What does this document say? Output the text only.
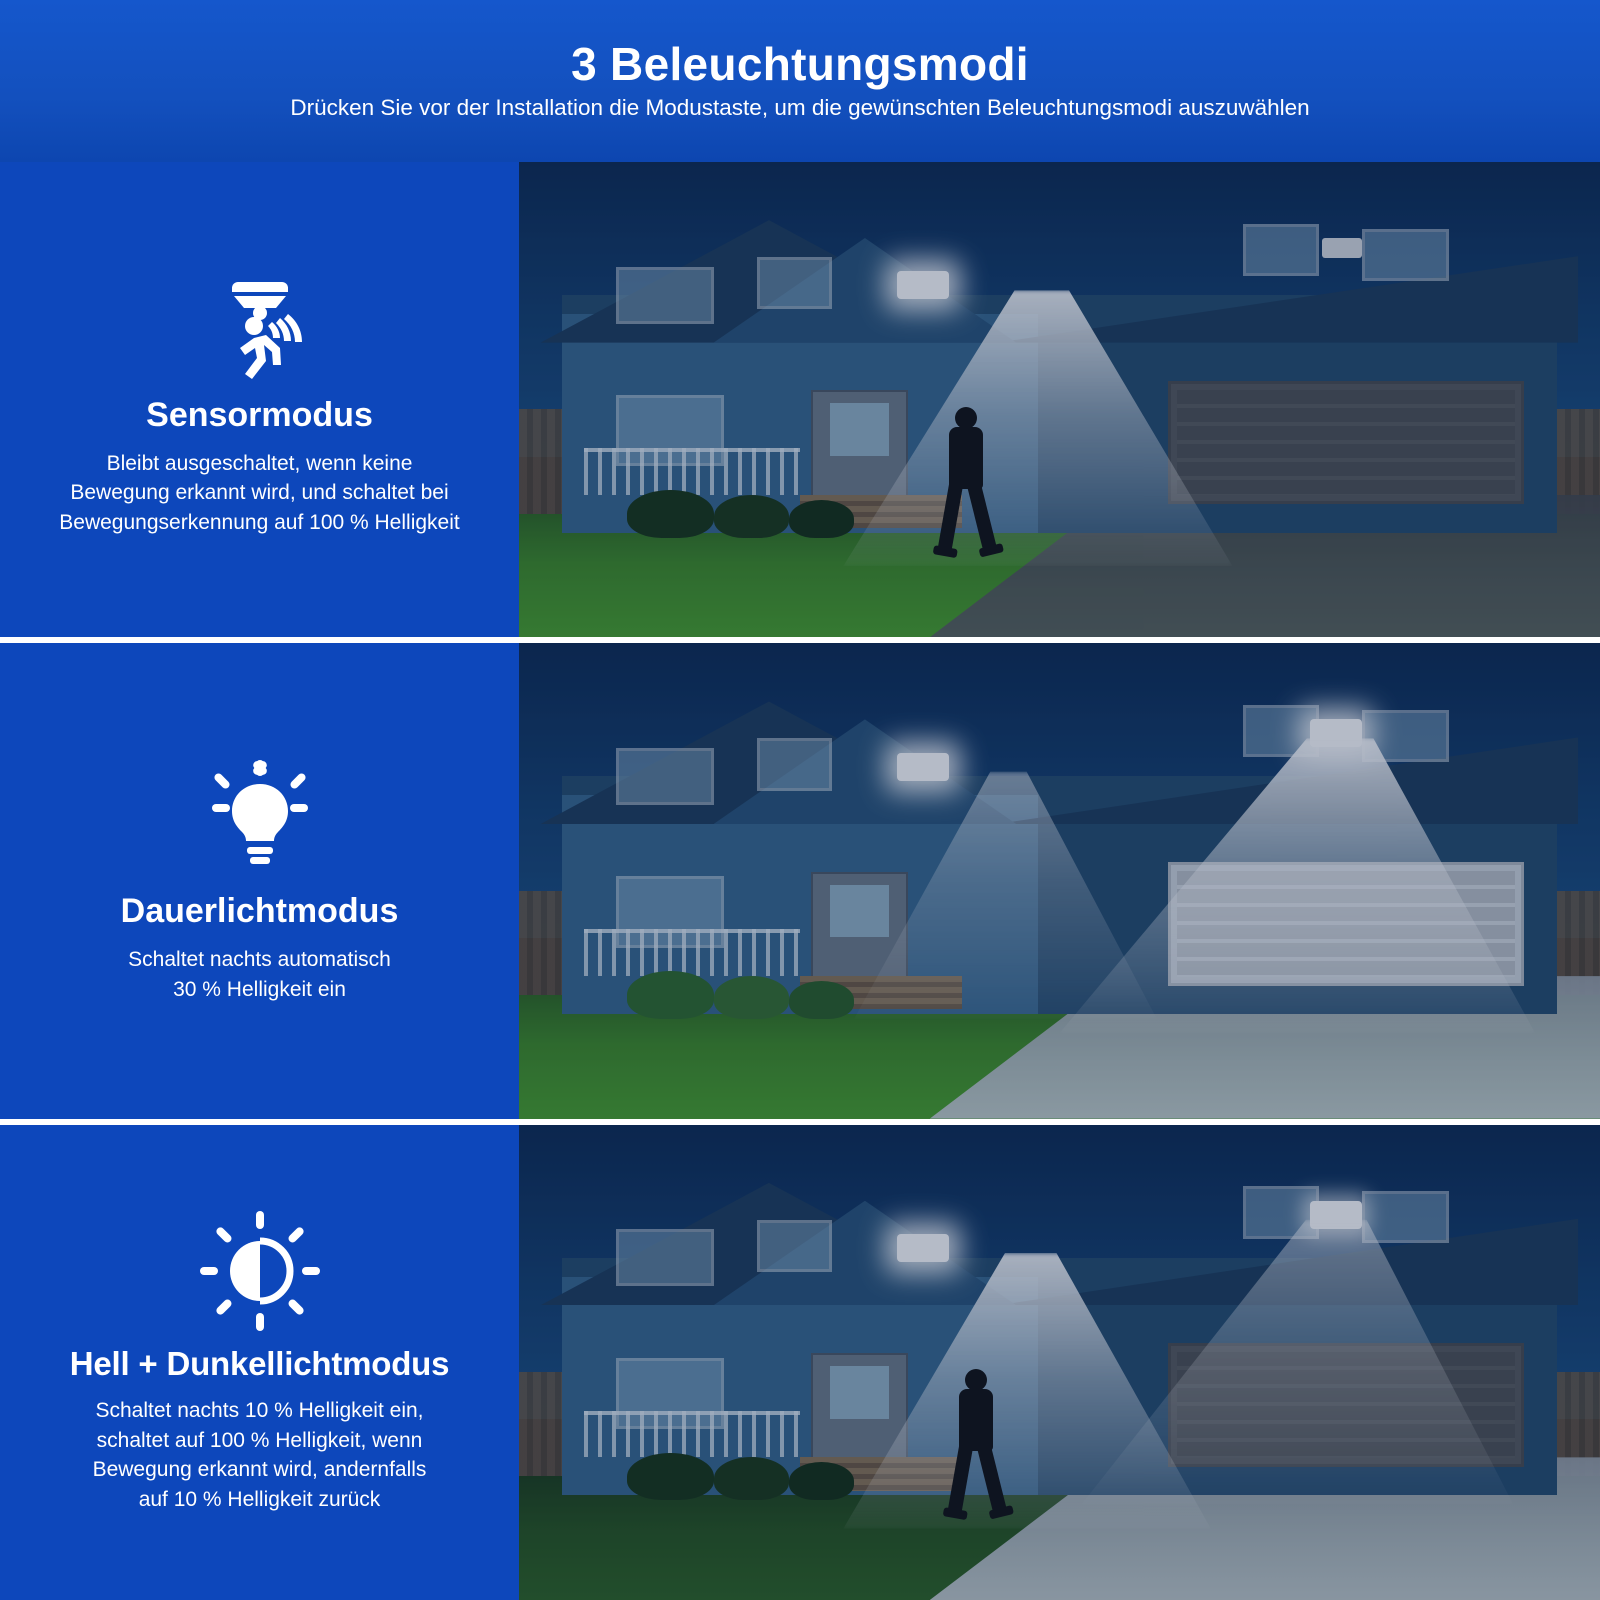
3 Beleuchtungsmodi

Drücken Sie vor der Installation die Modustaste, um die gewünschten Beleuchtungsmodi auszuwählen

Sensormodus
Bleibt ausgeschaltet, wenn keine
Bewegung erkannt wird, und schaltet bei
Bewegungserkennung auf 100 % Helligkeit
Dauerlichtmodus
Schaltet nachts automatisch
30 % Helligkeit ein
Hell + Dunkellichtmodus
Schaltet nachts 10 % Helligkeit ein,
schaltet auf 100 % Helligkeit, wenn
Bewegung erkannt wird, andernfalls
auf 10 % Helligkeit zurück
